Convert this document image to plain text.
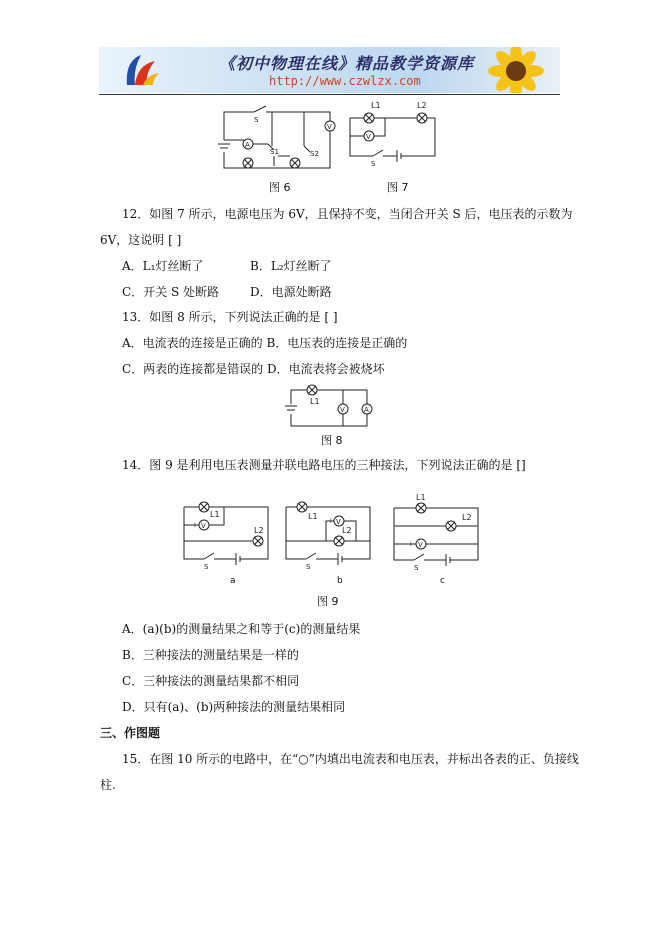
《初中物理在线》精品教学资源库
http://www.czwlzx.com
V
S
A
S1	S2
图 6
V
L1	L2
S
图 7
12．如图 7 所示，电源电压为 6V，且保持不变，当闭合开关 S 后，电压表的示数为
6V，这说明 [ ]
A．L₁灯丝断了	B．L₂灯丝断了
C．开关 S 处断路	D．电源处断路
13．如图 8 所示，下列说法正确的是 [ ]
A．电流表的连接是正确的 B．电压表的连接是正确的
C．两表的连接都是错误的 D．电流表将会被烧坏
V	A
L1
图 8
14．图 9 是利用电压表测量并联电路电压的三种接法，下列说法正确的是 []
L1
L2
V
+ −
S
L1
L2
V
+
S
L1
L2
V
+ −
S
a	b	c
图 9
A．(a)(b)的测量结果之和等于(c)的测量结果
B．三种接法的测量结果是一样的
C．三种接法的测量结果都不相同
D．只有(a)、(b)两种接法的测量结果相同
三、作图题
15．在图 10 所示的电路中，在“○”内填出电流表和电压表，并标出各表的正、负接线
柱.
